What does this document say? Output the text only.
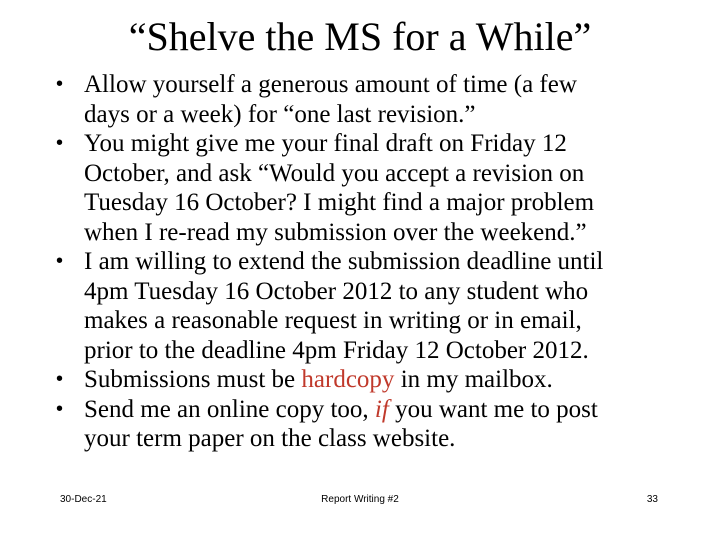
“Shelve the MS for a While”
• Allow yourself a generous amount of time (a few
days or a week) for “one last revision.”
• You might give me your final draft on Friday 12
October, and ask “Would you accept a revision on
Tuesday 16 October? I might find a major problem
when I re-read my submission over the weekend.”
• I am willing to extend the submission deadline until
4pm Tuesday 16 October 2012 to any student who
makes a reasonable request in writing or in email,
prior to the deadline 4pm Friday 12 October 2012.
• Submissions must be hardcopy in my mailbox.
• Send me an online copy too, if you want me to post
your term paper on the class website.
30-Dec-21	Report Writing #2	33
